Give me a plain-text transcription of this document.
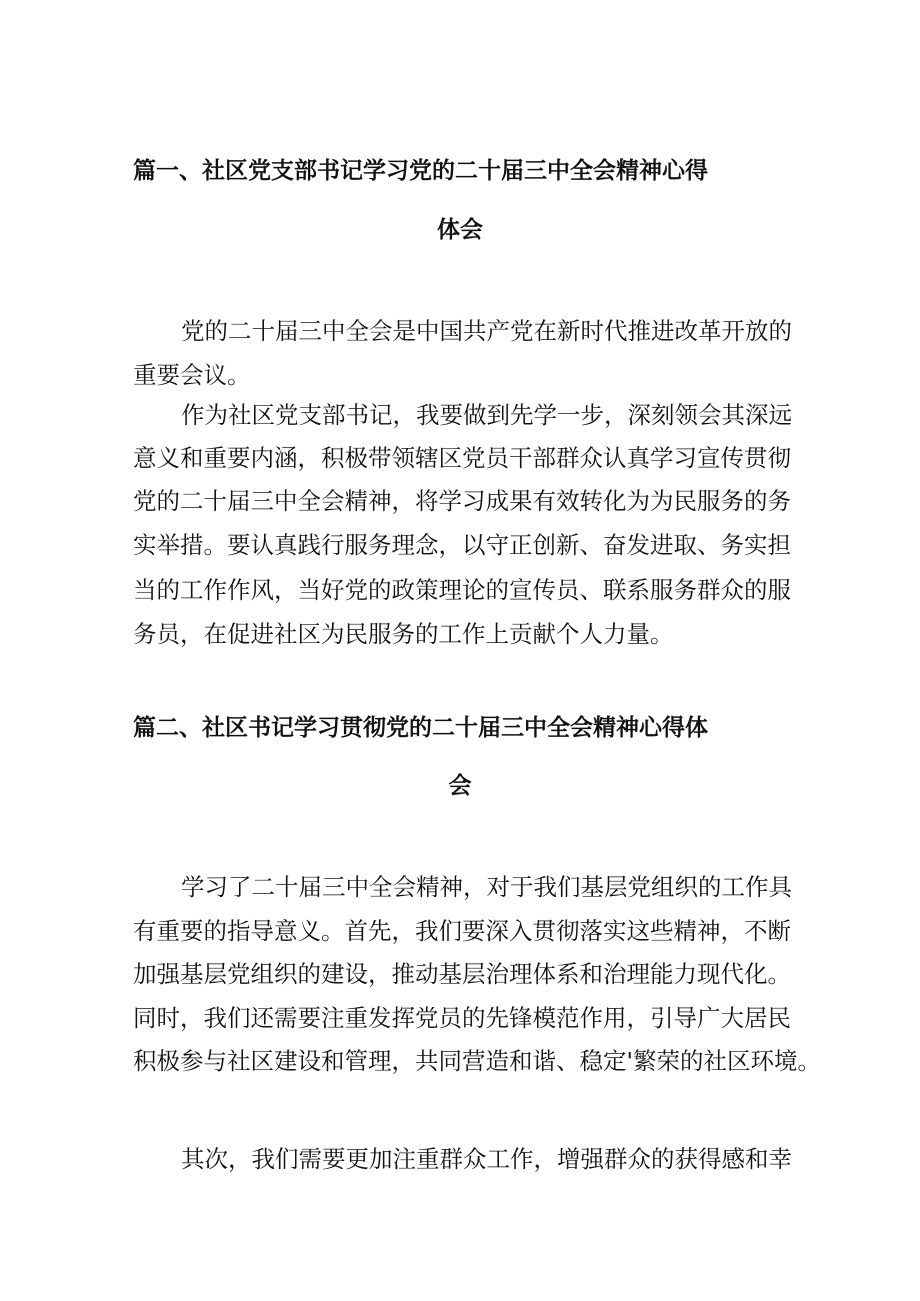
篇一、社区党支部书记学习党的二十届三中全会精神心得
体会

党的二十届三中全会是中国共产党在新时代推进改革开放的

重要会议。

作为社区党支部书记，我要做到先学一步，深刻领会其深远

意义和重要内涵，积极带领辖区党员干部群众认真学习宣传贯彻

党的二十届三中全会精神，将学习成果有效转化为为民服务的务

实举措。要认真践行服务理念，以守正创新、奋发进取、务实担

当的工作作风，当好党的政策理论的宣传员、联系服务群众的服

务员，在促进社区为民服务的工作上贡献个人力量。

篇二、社区书记学习贯彻党的二十届三中全会精神心得体
会

学习了二十届三中全会精神，对于我们基层党组织的工作具

有重要的指导意义。首先，我们要深入贯彻落实这些精神，不断

加强基层党组织的建设，推动基层治理体系和治理能力现代化。

同时，我们还需要注重发挥党员的先锋模范作用，引导广大居民

积极参与社区建设和管理，共同营造和谐、稳定'繁荣的社区环境。

其次，我们需要更加注重群众工作，增强群众的获得感和幸
